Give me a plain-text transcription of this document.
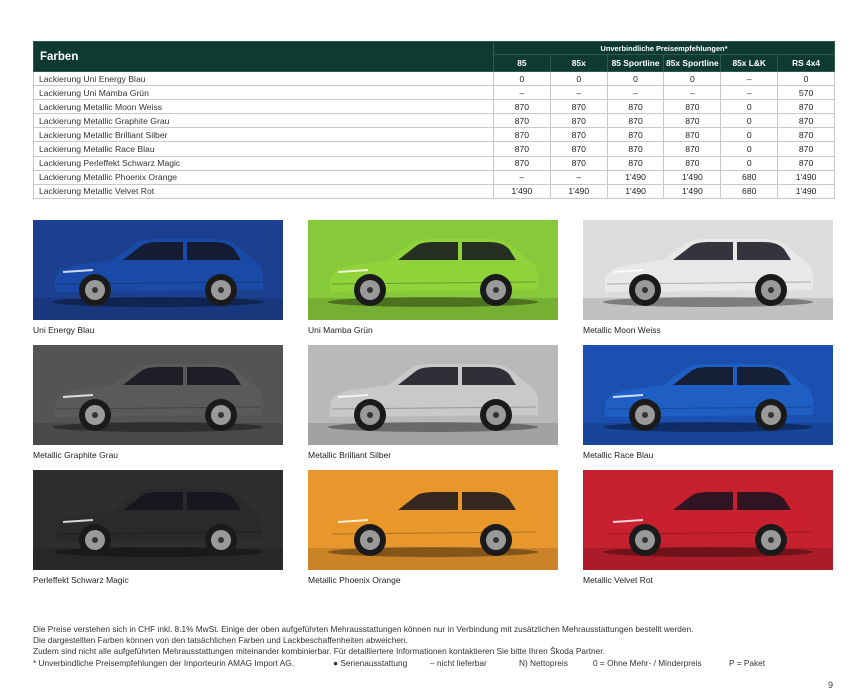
Farben	Unverbindliche Preisempfehlungen*					
	85	85x	85 Sportline	85x Sportline	85x L&K	RS 4x4
Lackierung Uni Energy Blau	0	0	0	0	–	0
Lackierung Uni Mamba Grün	–	–	–	–	–	570
Lackierung Metallic Moon Weiss	870	870	870	870	0	870
Lackierung Metallic Graphite Grau	870	870	870	870	0	870
Lackierung Metallic Brilliant Silber	870	870	870	870	0	870
Lackierung Metallic Race Blau	870	870	870	870	0	870
Lackierung Perleffekt Schwarz Magic	870	870	870	870	0	870
Lackierung Metallic Phoenix Orange	–	–	1'490	1'490	680	1'490
Lackierung Metallic Velvet Rot	1'490	1'490	1'490	1'490	680	1'490
Uni Energy Blau	Uni Mamba Grün	Metallic Moon Weiss
Metallic Graphite Grau	Metallic Brilliant Silber	Metallic Race Blau
Perleffekt Schwarz Magic	Metallic Phoenix Orange	Metallic Velvet Rot
Die Preise verstehen sich in CHF inkl. 8.1% MwSt. Einige der oben aufgeführten Mehrausstattungen können nur in Verbindung mit zusätzlichen Mehrausstattungen bestellt werden.
Die dargestellten Farben können von den tatsächlichen Farben und Lackbeschaffenheiten abweichen.
Zudem sind nicht alle aufgeführten Mehrausstattungen miteinander kombinierbar. Für detailliertere Informationen kontaktieren Sie bitte Ihren Škoda Partner.
* Unverbindliche Preisempfehlungen der Importeurin AMAG Import AG.	● Serienausstattung	– nicht lieferbar	N) Nettopreis	0 = Ohne Mehr- / Minderpreis	P = Paket
9
